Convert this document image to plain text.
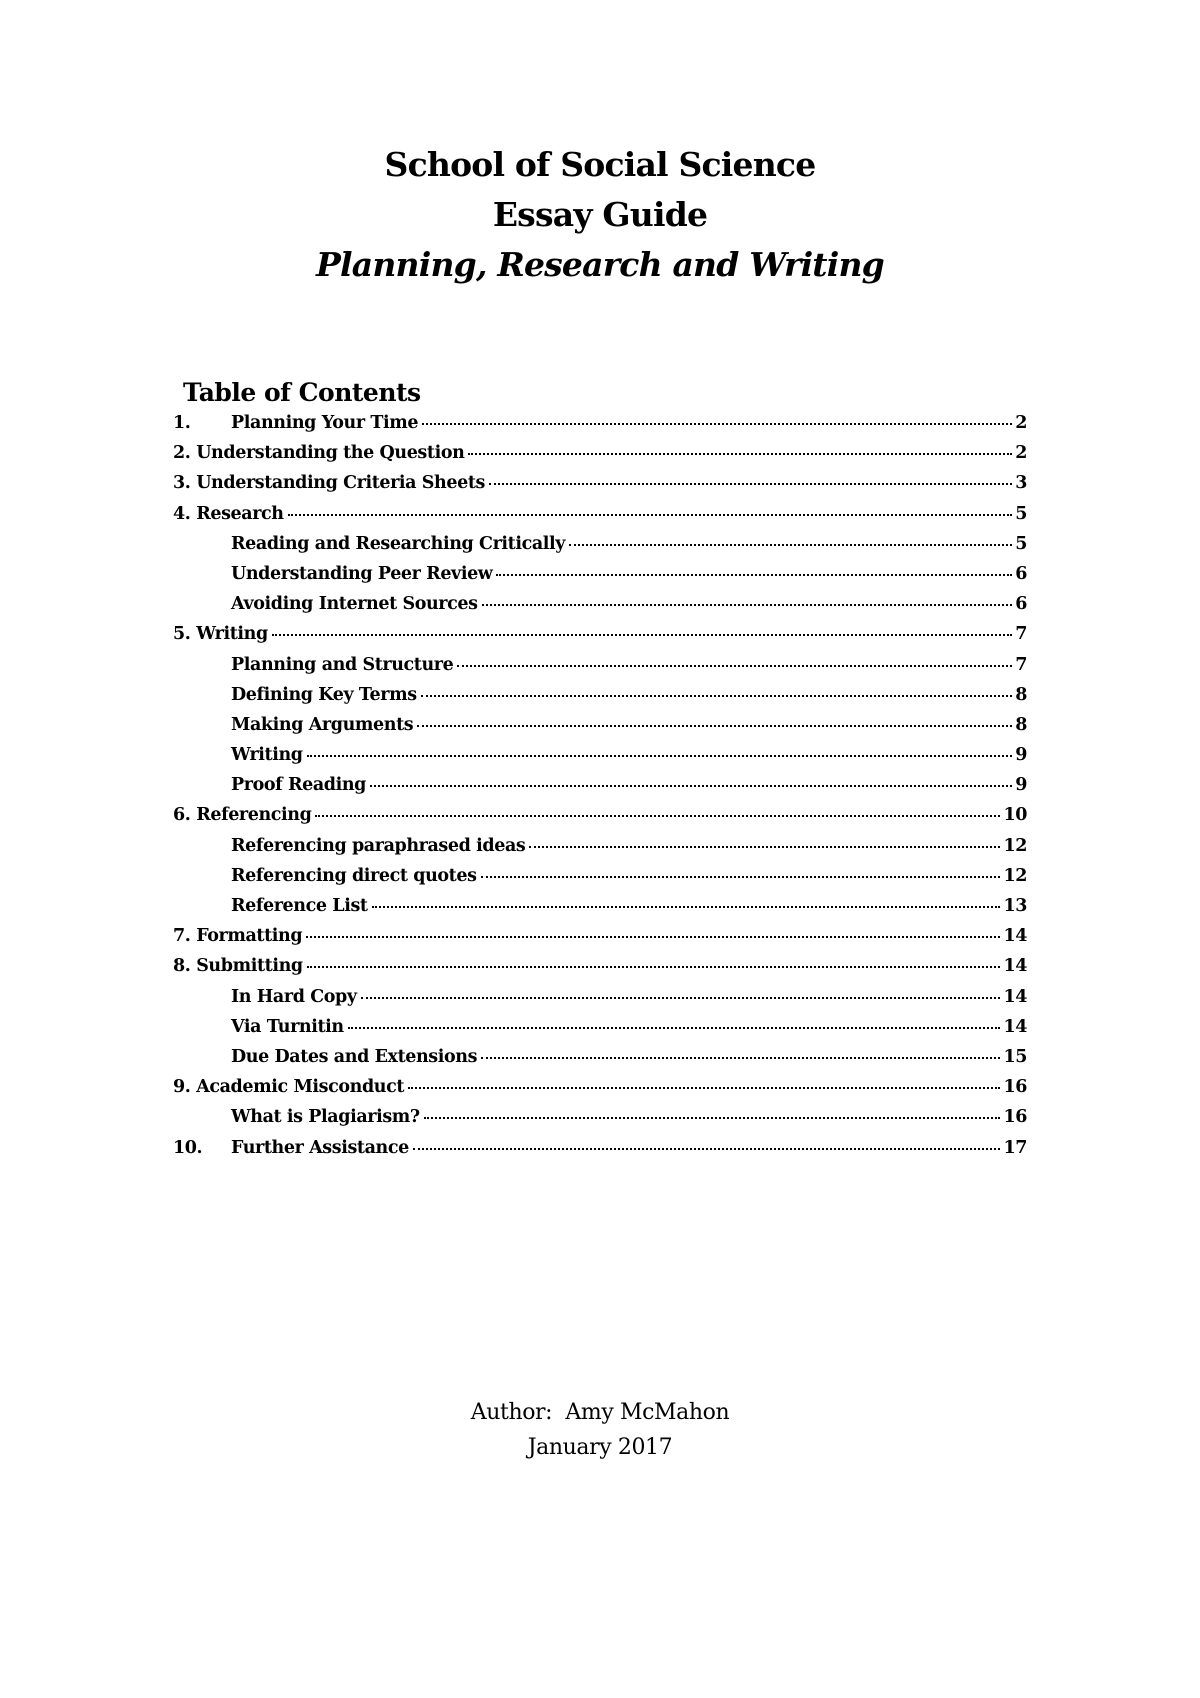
School of Social Science
Essay Guide
Planning, Research and Writing
Table of Contents
1.	Planning Your Time	2
2. Understanding the Question	2
3. Understanding Criteria Sheets	3
4. Research	5
Reading and Researching Critically	5
Understanding Peer Review	6
Avoiding Internet Sources	6
5. Writing	7
Planning and Structure	7
Defining Key Terms	8
Making Arguments	8
Writing	9
Proof Reading	9
6. Referencing	10
Referencing paraphrased ideas	12
Referencing direct quotes	12
Reference List	13
7. Formatting	14
8. Submitting	14
In Hard Copy	14
Via Turnitin	14
Due Dates and Extensions	15
9. Academic Misconduct	16
What is Plagiarism?	16
10.	Further Assistance	17
Author:  Amy McMahon
January 2017
